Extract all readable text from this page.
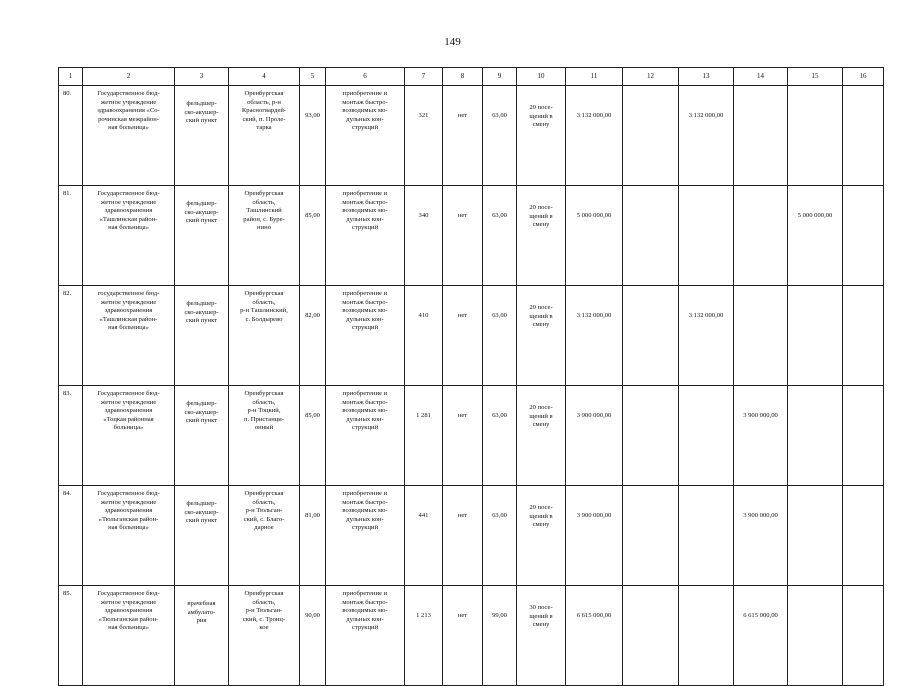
149
1	2	3	4	5	6	7	8	9	10	11	12	13	14	15	16
80.	Государственное бюд-
жетное учреждение
здравоохранения «Со-
рочинская межрайон-
ная больница»	фельдшер-
ско-акушер-
ский пункт	Оренбургская
область, р-н
Красногвардей-
ский, п. Проле-
тарка	93,00	приобретение и
монтаж быстро-
возводимых мо-
дульных кон-
струкций	321	нет	63,00	20 посе-
щений в
смену	3 132 000,00		3 132 000,00			
81.	Государственное бюд-
жетное учреждение
здравоохранения
«Ташлинская район-
ная больница»	фельдшер-
ско-акушер-
ский пункт	Оренбургская
область,
Ташлинский
район, с. Буре-
нино	85,00	приобретение и
монтаж быстро-
возводимых мо-
дульных кон-
струкций	340	нет	63,00	20 посе-
щений в
смену	5 000 000,00				5 000 000,00	
82.	государственное бюд-
жетное учреждение
здравоохранения
«Ташлинская район-
ная больница»	фельдшер-
ско-акушер-
ский пункт	Оренбургская
область,
р-н Ташлинский,
с. Болдырево	82,00	приобретение и
монтаж быстро-
возводимых мо-
дульных кон-
струкций	410	нет	63,00	20 посе-
щений в
смену	3 132 000,00		3 132 000,00			
83.	Государственное бюд-
жетное учреждение
здравоохранения
«Тоцкая районная
больница»	фельдшер-
ско-акушер-
ский пункт	Оренбургская
область,
р-н Тоцкий,
п. Пристанци-
онный	85,00	приобретение и
монтаж быстро-
возводимых мо-
дульных кон-
струкций	1 281	нет	63,00	20 посе-
щений в
смену	3 900 000,00			3 900 000,00		
84.	Государственное бюд-
жетное учреждение
здравоохранения
«Тюльганская район-
ная больница»	фельдшер-
ско-акушер-
ский пункт	Оренбургская
область,
р-н Тюльган-
ский, с. Благо-
дарное	81,00	приобретение и
монтаж быстро-
возводимых мо-
дульных кон-
струкций	441	нет	63,00	20 посе-
щений в
смену	3 900 000,00			3 900 000,00		
85.	Государственное бюд-
жетное учреждение
здравоохранения
«Тюльганская район-
ная больница»	врачебная
амбулато-
рия	Оренбургская
область,
р-н Тюльган-
ский, с. Троиц-
кое	90,00	приобретение и
монтаж быстро-
возводимых мо-
дульных кон-
струкций	1 213	нет	99,00	30 посе-
щений в
смену	6 615 000,00			6 615 000,00		
